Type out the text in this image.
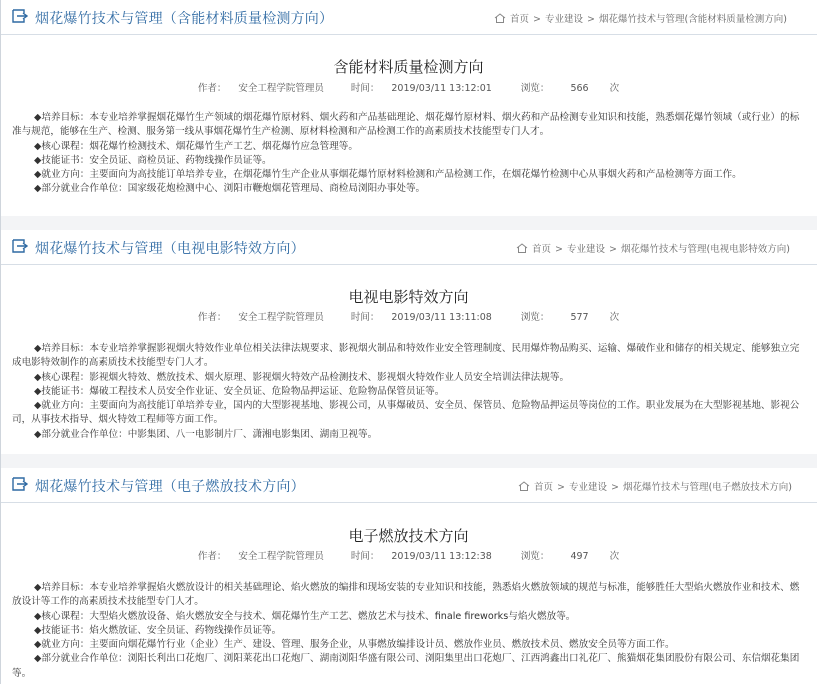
烟花爆竹技术与管理（含能材料质量检测方向）	首页 > 专业建设 > 烟花爆竹技术与管理(含能材料质量检测方向)
含能材料质量检测方向
作者： 安全工程学院管理员	时间： 2019/03/11 13:12:01	浏览： 566 次

◆培养目标：本专业培养掌握烟花爆竹生产领域的烟花爆竹原材料、烟火药和产品基础理论、烟花爆竹原材料、烟火药和产品检测专业知识和技能，熟悉烟花爆竹领域（或行业）的标准与规范，能够在生产、检测、服务第一线从事烟花爆竹生产检测、原材料检测和产品检测工作的高素质技术技能型专门人才。

◆核心课程：烟花爆竹检测技术、烟花爆竹生产工艺、烟花爆竹应急管理等。

◆技能证书：安全员证、商检员证、药物线操作员证等。

◆就业方向：主要面向为高技能订单培养专业，在烟花爆竹生产企业从事烟花爆竹原材料检测和产品检测工作，在烟花爆竹检测中心从事烟火药和产品检测等方面工作。

◆部分就业合作单位：国家级花炮检测中心、浏阳市鞭炮烟花管理局、商检局浏阳办事处等。

烟花爆竹技术与管理（电视电影特效方向）	首页 > 专业建设 > 烟花爆竹技术与管理(电视电影特效方向)
电视电影特效方向
作者： 安全工程学院管理员	时间： 2019/03/11 13:11:08	浏览： 577 次

◆培养目标：本专业培养掌握影视烟火特效作业单位相关法律法规要求、影视烟火制品和特效作业安全管理制度、民用爆炸物品购买、运输、爆破作业和储存的相关规定、能够独立完成电影特效制作的高素质技术技能型专门人才。

◆核心课程：影视烟火特效、燃放技术、烟火原理、影视烟火特效产品检测技术、影视烟火特效作业人员安全培训法律法规等。

◆技能证书：爆破工程技术人员安全作业证、安全员证、危险物品押运证、危险物品保管员证等。

◆就业方向：主要面向为高技能订单培养专业，国内的大型影视基地、影视公司，从事爆破员、安全员、保管员、危险物品押运员等岗位的工作。职业发展为在大型影视基地、影视公司，从事技术指导、烟火特效工程师等方面工作。

◆部分就业合作单位：中影集团、八一电影制片厂、潇湘电影集团、湖南卫视等。

烟花爆竹技术与管理（电子燃放技术方向）	首页 > 专业建设 > 烟花爆竹技术与管理(电子燃放技术方向)
电子燃放技术方向
作者： 安全工程学院管理员	时间： 2019/03/11 13:12:38	浏览： 497 次

◆培养目标：本专业培养掌握焰火燃放设计的相关基础理论、焰火燃放的编排和现场安装的专业知识和技能，熟悉焰火燃放领域的规范与标准，能够胜任大型焰火燃放作业和技术、燃放设计等工作的高素质技术技能型专门人才。

◆核心课程：大型焰火燃放设备、焰火燃放安全与技术、烟花爆竹生产工艺、燃放艺术与技术、finale fireworks与焰火燃放等。

◆技能证书：焰火燃放证、安全员证、药物线操作员证等。

◆就业方向：主要面向烟花爆竹行业（企业）生产、建设、管理、服务企业，从事燃放编排设计员、燃放作业员、燃放技术员、燃放安全员等方面工作。

◆部分就业合作单位：浏阳长利出口花炮厂、浏阳莱花出口花炮厂、湖南浏阳华盛有限公司、浏阳集里出口花炮厂、江西鸿鑫出口礼花厂、熊猫烟花集团股份有限公司、东信烟花集团等。
